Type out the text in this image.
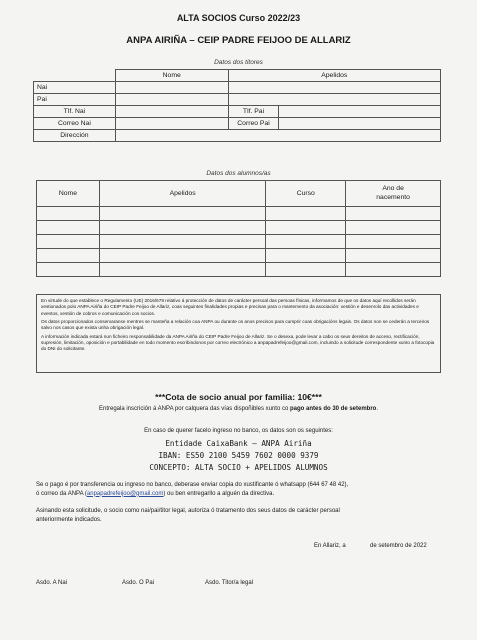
ALTA SOCIOS Curso 2022/23
ANPA AIRIÑA – CEIP PADRE FEIJOO DE ALLARIZ
Datos dos titores
	Nome	Apelidos	
Nai			
Pai			
Tlf. Nai		Tlf. Pai	
Correo Nai		Correo Pai	
Dirección			
Datos dos alumnos/as
Nome	Apelidos	Curso	Ano de
nacemento

En virtude do que establece o Regulamento (UE) 2016/679 relativo á protección de datos de carácter persoal das persoas físicas, informamos de que os datos aquí recollidos serán xestionados polo ANPA Airiña do CEIP Padre Feijoo de Allariz, coas seguintes finalidades propias e precisas para o mantemento da asociación: xestión e desenrolo das actividades e eventos, xestión de cobros e comunicación cos socios.

Os datos proporcionados conservaranse mentres se manteña a relación coa ANPA ou durante os anos precisos para cumprir coas obrigacións legais. Os datos non se cederán a terceiros salvo nos casos que exista unha obrigación legal.

A información indicada estará nun ficheiro responsabilidade da ANPA Airiña do CEIP Padre Feijoo de Allariz. Se o desexa, pode levar a cabo os seus dereitos de acceso, rectificación, supresión, limitación, oposición e portabilidade en todo momento escribindonos por correo electrónico a anpapadrefeijoo@gmail.com, incluindo a solicitude correspondente xunto a fotocopia do DNI do solicitante.

***Cota de socio anual por familia: 10€***
Entregala inscrición á ANPA por calquera das vías dispoñibles xunto co pago antes do 30 de setembro.
En caso de querer facelo ingreso no banco, os datos son os seguintes:
Entidade CaixaBank – ANPA Airiña
IBAN: ES50 2100 5459 7602 0000 9379
CONCEPTO: ALTA SOCIO + APELIDOS ALUMNOS
Se o pago é por transferencia ou ingreso no banco, deberase enviar copia do xustificante ó whatsapp (644 67 48 42),
ó correo da ANPA (anpapadrefeijoo@gmail.com) ou ben entregarllo a alguén da directiva.
Asinando esta solicitude, o socio como nai/pai/titor legal, autoriza ó tratamento dos seus datos de carácter persoal
anteriormente indicados.
En Allariz, a	de setembro de 2022
Asdo. A Nai	Asdo. O Pai	Asdo. Titor/a legal
